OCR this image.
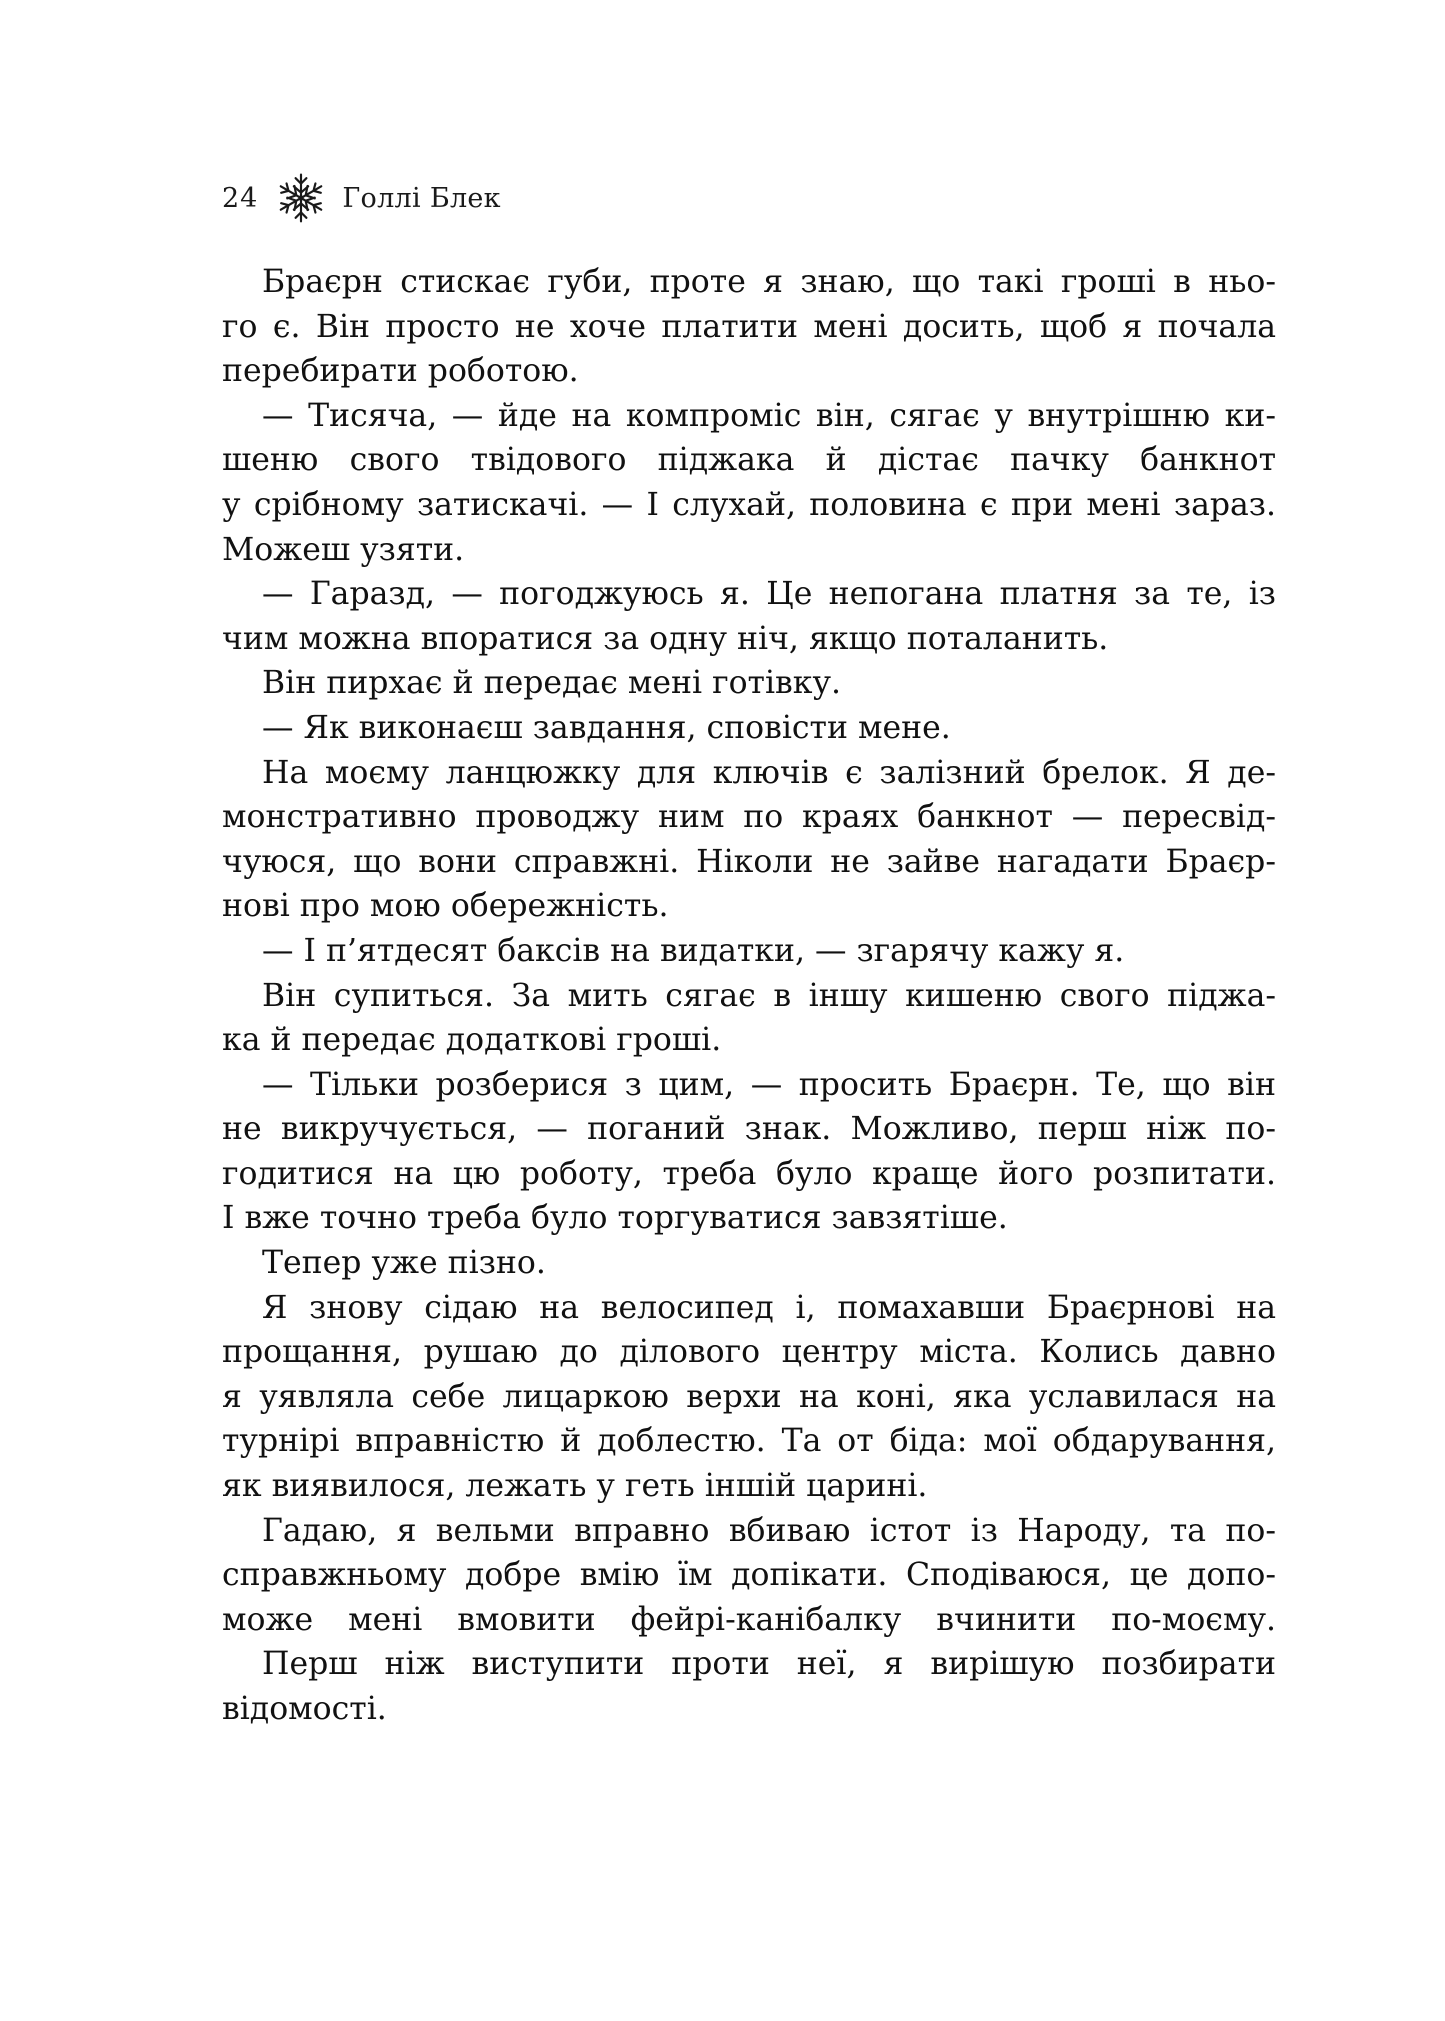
24	Голлі Блек
Браєрн стискає губи, проте я знаю, що такі гроші в ньо-
го є. Він просто не хоче платити мені досить, щоб я почала
перебирати роботою.
— Тисяча, — йде на компроміс він, сягає у внутрішню ки-
шеню свого твідового піджака й дістає пачку банкнот
у срібному затискачі. — І слухай, половина є при мені зараз.
Можеш узяти.
— Гаразд, — погоджуюсь я. Це непогана платня за те, із
чим можна впоратися за одну ніч, якщо поталанить.
Він пирхає й передає мені готівку.
— Як виконаєш завдання, сповісти мене.
На моєму ланцюжку для ключів є залізний брелок. Я де-
монстративно проводжу ним по краях банкнот — пересвід-
чуюся, що вони справжні. Ніколи не зайве нагадати Браєр-
нові про мою обережність.
— І п’ятдесят баксів на видатки, — згарячу кажу я.
Він супиться. За мить сягає в іншу кишеню свого піджа-
ка й передає додаткові гроші.
— Тільки розберися з цим, — просить Браєрн. Те, що він
не викручується, — поганий знак. Можливо, перш ніж по-
годитися на цю роботу, треба було краще його розпитати.
І вже точно треба було торгуватися завзятіше.
Тепер уже пізно.
Я знову сідаю на велосипед і, помахавши Браєрнові на
прощання, рушаю до ділового центру міста. Колись давно
я уявляла себе лицаркою верхи на коні, яка уславилася на
турнірі вправністю й доблестю. Та от біда: мої обдарування,
як виявилося, лежать у геть іншій царині.
Гадаю, я вельми вправно вбиваю істот із Народу, та по-
справжньому добре вмію їм допікати. Сподіваюся, це допо-
може мені вмовити фейрі-канібалку вчинити по-моєму.
Перш ніж виступити проти неї, я вирішую позбирати
відомості.
